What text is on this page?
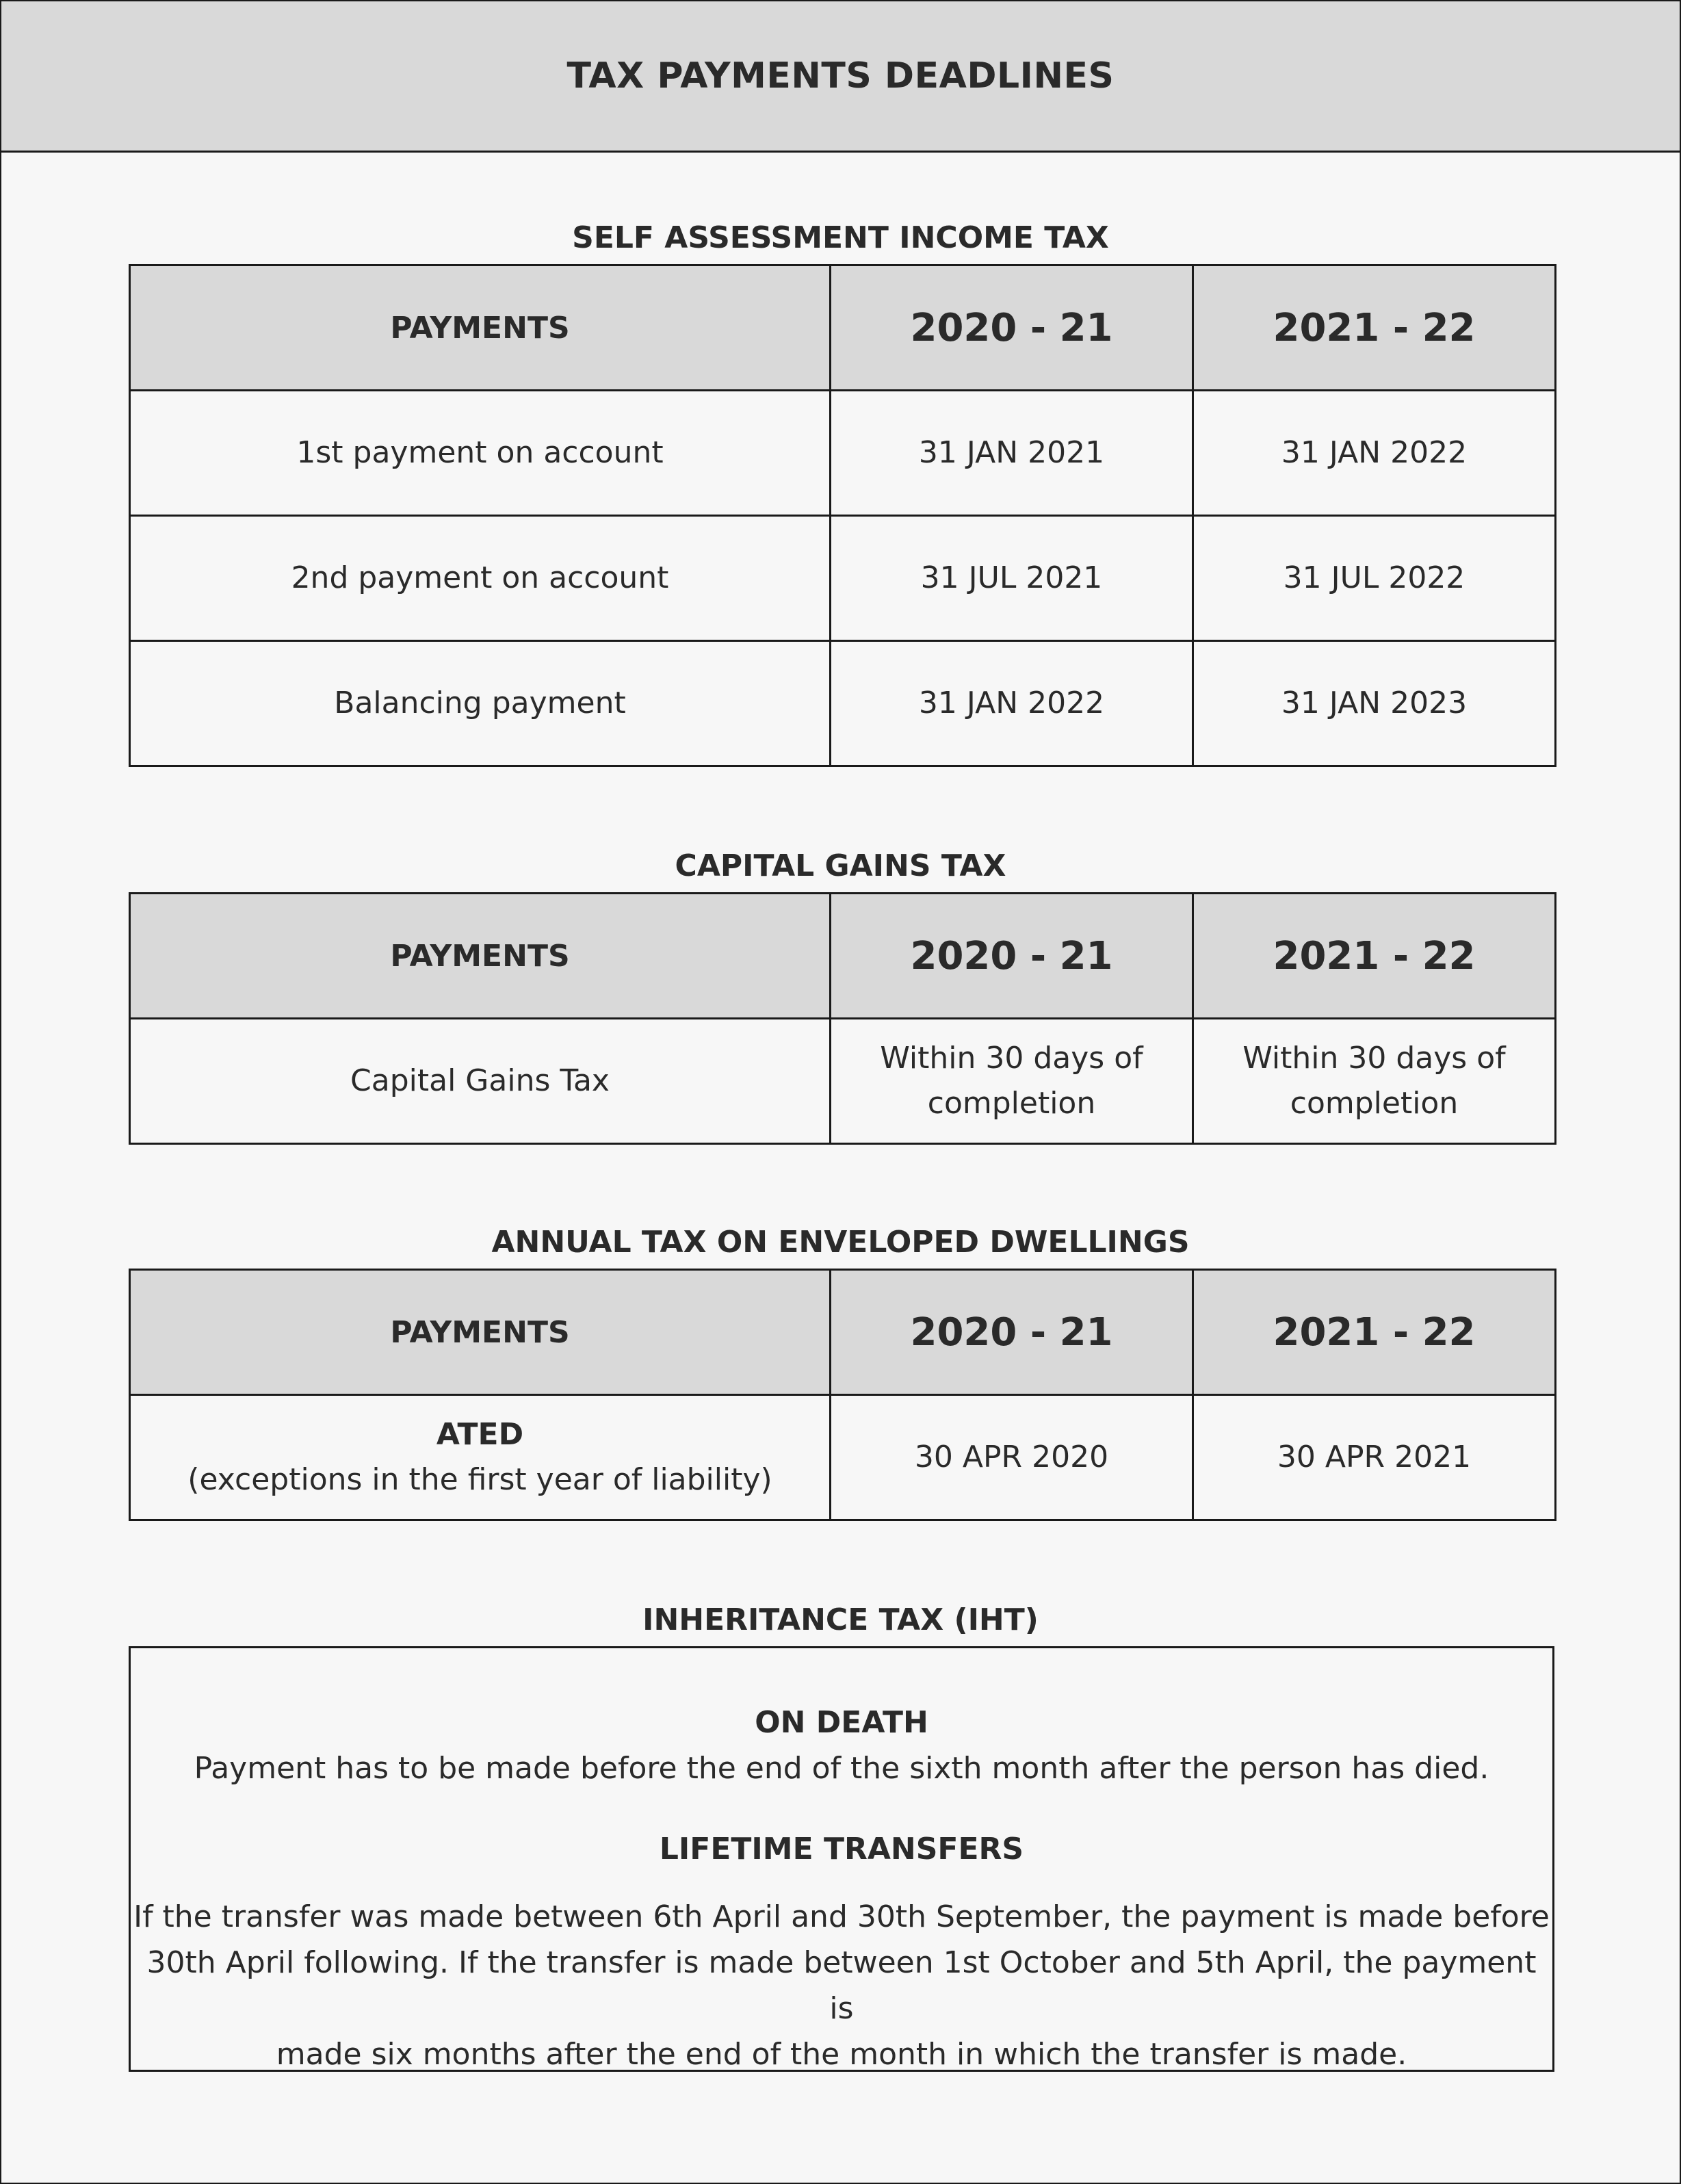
TAX PAYMENTS DEADLINES
SELF ASSESSMENT INCOME TAX
PAYMENTS	2020 - 21	2021 - 22
1st payment on account	31 JAN 2021	31 JAN 2022
2nd payment on account	31 JUL 2021	31 JUL 2022
Balancing payment	31 JAN 2022	31 JAN 2023
CAPITAL GAINS TAX
PAYMENTS	2020 - 21	2021 - 22
Capital Gains Tax	Within 30 days of completion	Within 30 days of completion
ANNUAL TAX ON ENVELOPED DWELLINGS
PAYMENTS	2020 - 21	2021 - 22

ATED
(exceptions in the first year of liability)	30 APR 2020	30 APR 2021
INHERITANCE TAX (IHT)
ON DEATH
Payment has to be made before the end of the sixth month after the person has died.
LIFETIME TRANSFERS
If the transfer was made between 6th April and 30th September, the payment is made before
30th April following. If the transfer is made between 1st October and 5th April, the payment is
made six months after the end of the month in which the transfer is made.
